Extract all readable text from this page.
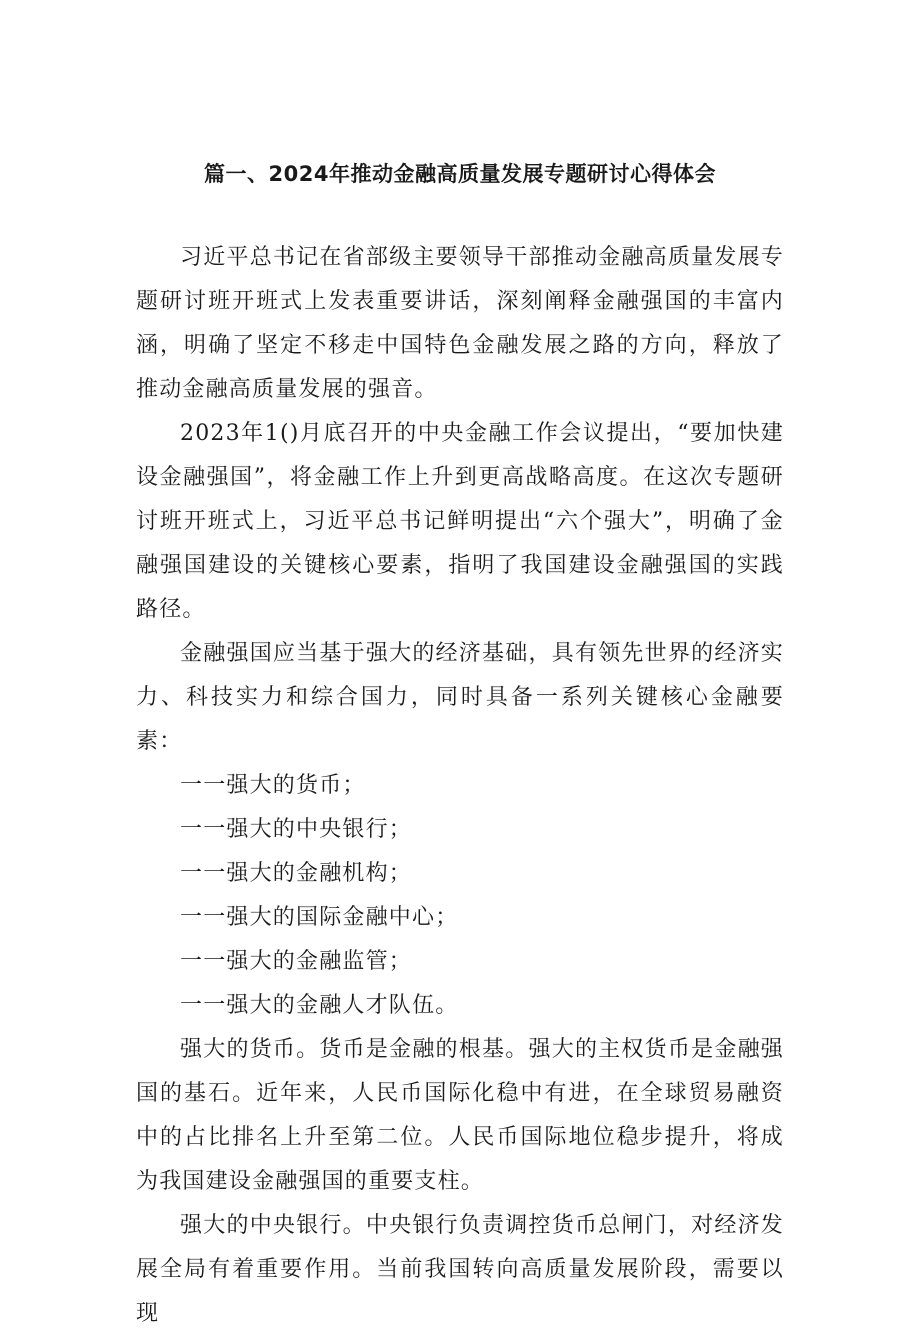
篇一、2024年推动金融高质量发展专题研讨心得体会

习近平总书记在省部级主要领导干部推动金融高质量发展专题研讨班开班式上发表重要讲话，深刻阐释金融强国的丰富内涵，明确了坚定不移走中国特色金融发展之路的方向，释放了推动金融高质量发展的强音。

2023年1()月底召开的中央金融工作会议提出，“要加快建设金融强国”，将金融工作上升到更高战略高度。在这次专题研讨班开班式上，习近平总书记鲜明提出“六个强大”，明确了金融强国建设的关键核心要素，指明了我国建设金融强国的实践路径。

金融强国应当基于强大的经济基础，具有领先世界的经济实力、科技实力和综合国力，同时具备一系列关键核心金融要素：

一一强大的货币；

一一强大的中央银行；

一一强大的金融机构；

一一强大的国际金融中心；

一一强大的金融监管；

一一强大的金融人才队伍。

强大的货币。货币是金融的根基。强大的主权货币是金融强国的基石。近年来，人民币国际化稳中有进，在全球贸易融资中的占比排名上升至第二位。人民币国际地位稳步提升，将成为我国建设金融强国的重要支柱。

强大的中央银行。中央银行负责调控货币总闸门，对经济发展全局有着重要作用。当前我国转向高质量发展阶段，需要以现
